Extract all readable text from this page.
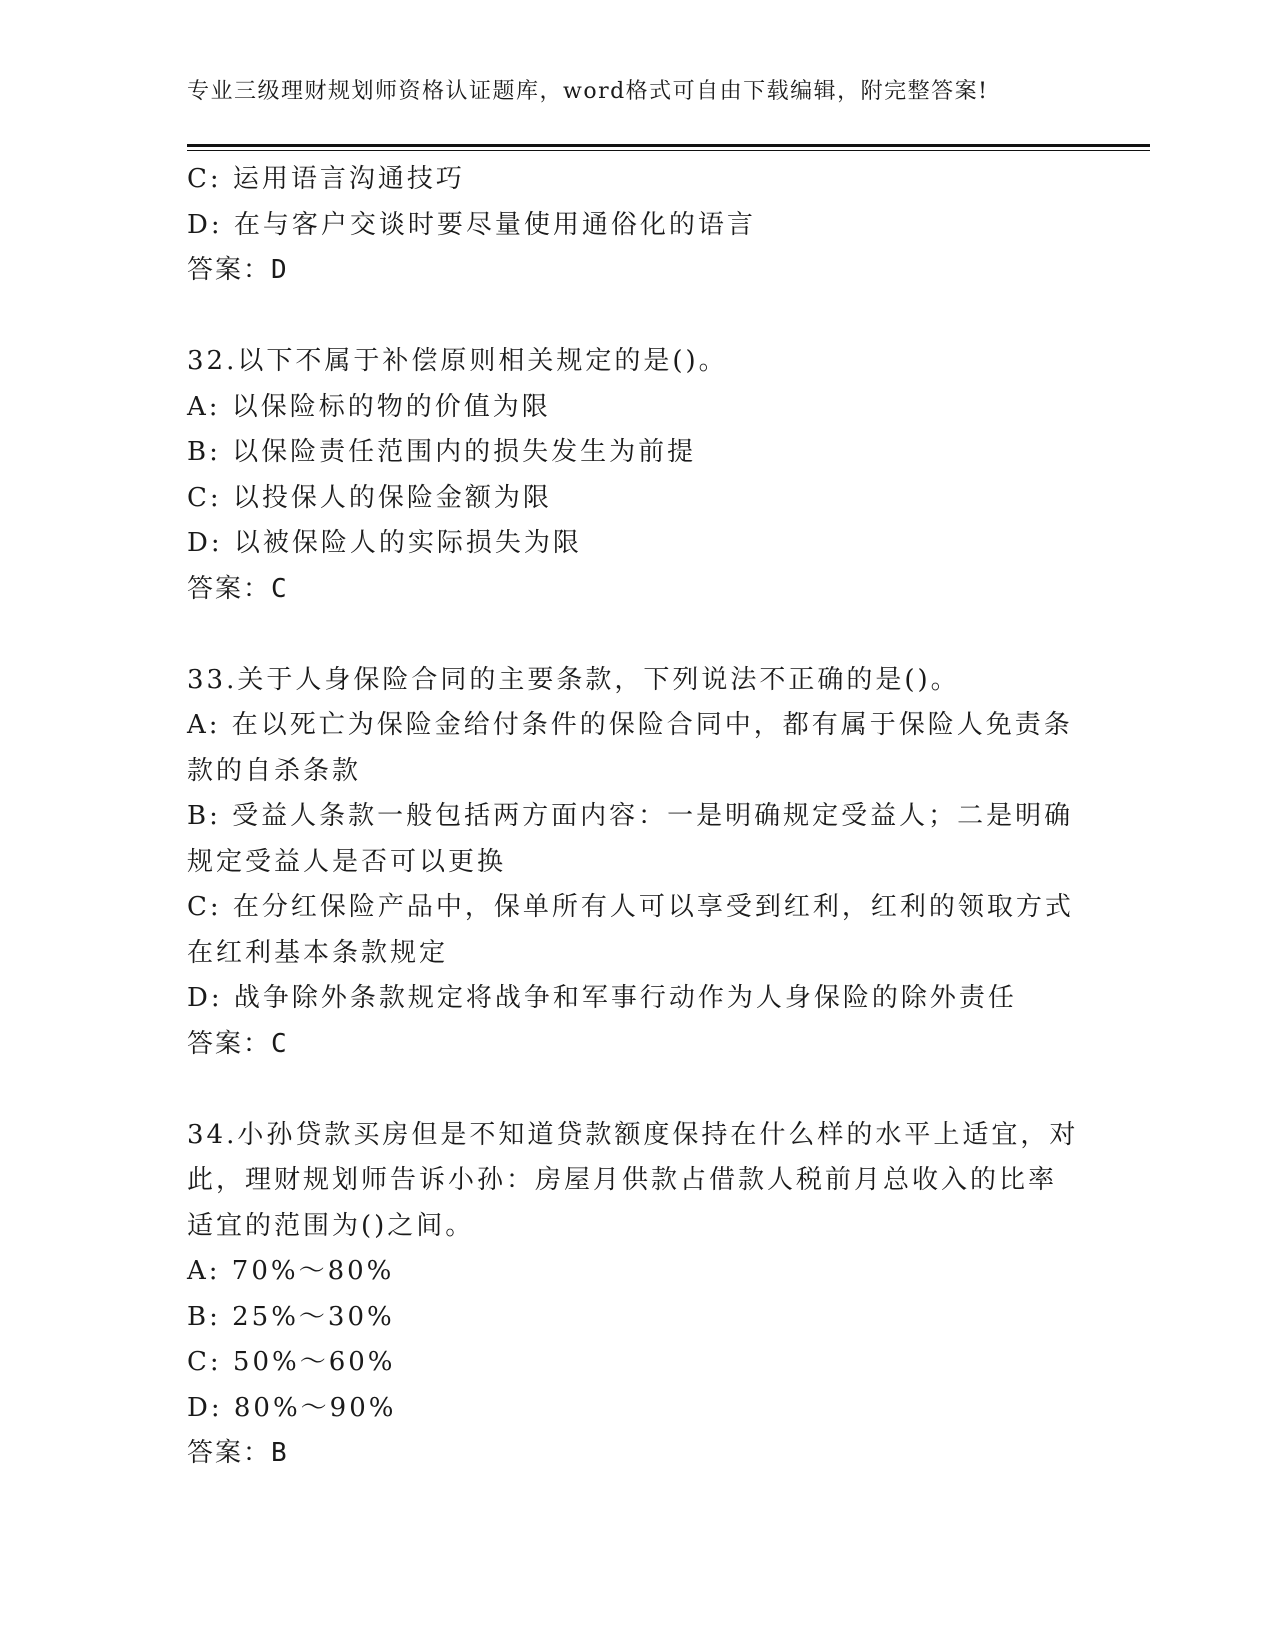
专业三级理财规划师资格认证题库，word格式可自由下载编辑，附完整答案!
C: 运用语言沟通技巧
D: 在与客户交谈时要尽量使用通俗化的语言
答案：D
32.以下不属于补偿原则相关规定的是()。
A: 以保险标的物的价值为限
B: 以保险责任范围内的损失发生为前提
C: 以投保人的保险金额为限
D: 以被保险人的实际损失为限
答案：C
33.关于人身保险合同的主要条款，下列说法不正确的是()。
A: 在以死亡为保险金给付条件的保险合同中，都有属于保险人免责条
款的自杀条款
B: 受益人条款一般包括两方面内容：一是明确规定受益人；二是明确
规定受益人是否可以更换
C: 在分红保险产品中，保单所有人可以享受到红利，红利的领取方式
在红利基本条款规定
D: 战争除外条款规定将战争和军事行动作为人身保险的除外责任
答案：C
34.小孙贷款买房但是不知道贷款额度保持在什么样的水平上适宜，对
此，理财规划师告诉小孙：房屋月供款占借款人税前月总收入的比率
适宜的范围为()之间。
A: 70%～80%
B: 25%～30%
C: 50%～60%
D: 80%～90%
答案：B
